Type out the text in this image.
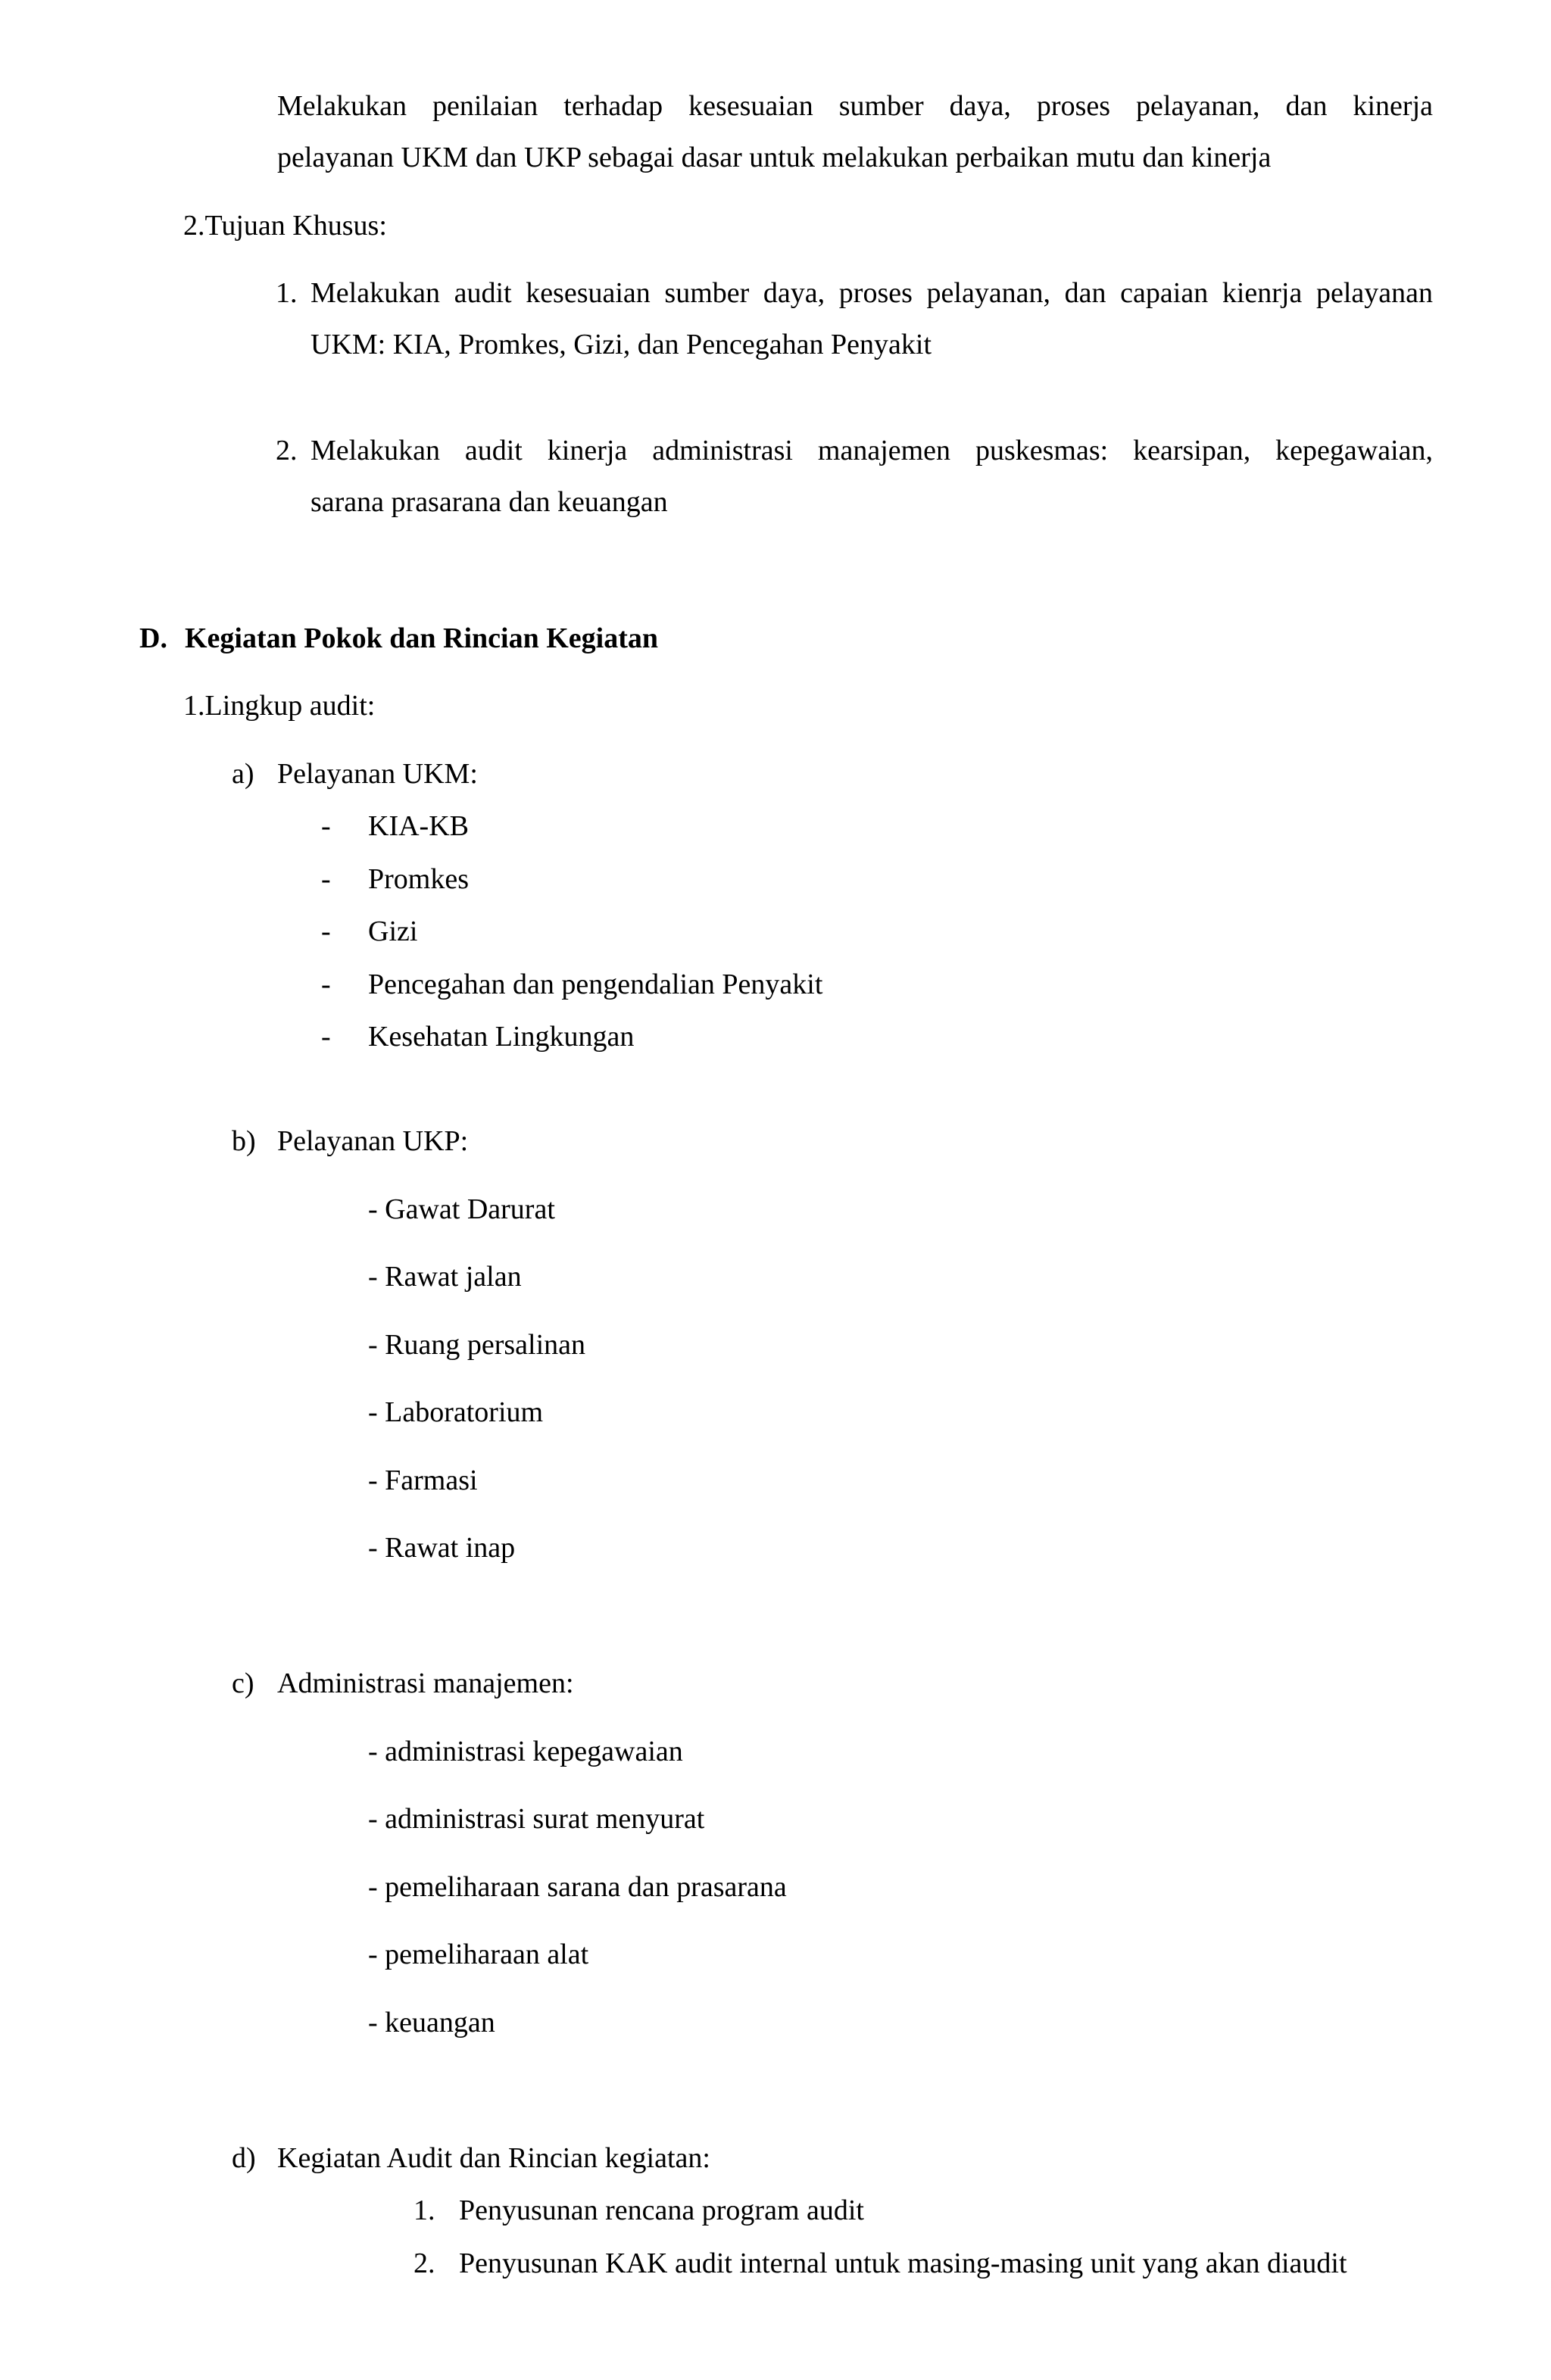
Melakukan penilaian terhadap kesesuaian sumber daya, proses pelayanan, dan kinerja
pelayanan UKM dan UKP sebagai dasar untuk melakukan perbaikan mutu dan kinerja
2.Tujuan Khusus:
1. Melakukan audit kesesuaian sumber daya, proses pelayanan, dan capaian kienrja pelayanan
UKM: KIA, Promkes, Gizi, dan Pencegahan Penyakit
2. Melakukan audit kinerja administrasi manajemen puskesmas: kearsipan, kepegawaian,
sarana prasarana dan keuangan
D. Kegiatan Pokok dan Rincian Kegiatan
1.Lingkup audit:
a) Pelayanan UKM:
- KIA-KB
- Promkes
- Gizi
- Pencegahan dan pengendalian Penyakit
- Kesehatan Lingkungan
b) Pelayanan UKP:
- Gawat Darurat
- Rawat jalan
- Ruang persalinan
- Laboratorium
- Farmasi
- Rawat inap
c) Administrasi manajemen:
- administrasi kepegawaian
- administrasi surat menyurat
- pemeliharaan sarana dan prasarana
- pemeliharaan alat
- keuangan
d) Kegiatan Audit dan Rincian kegiatan:
1. Penyusunan rencana program audit
2. Penyusunan KAK audit internal untuk masing-masing unit yang akan diaudit
